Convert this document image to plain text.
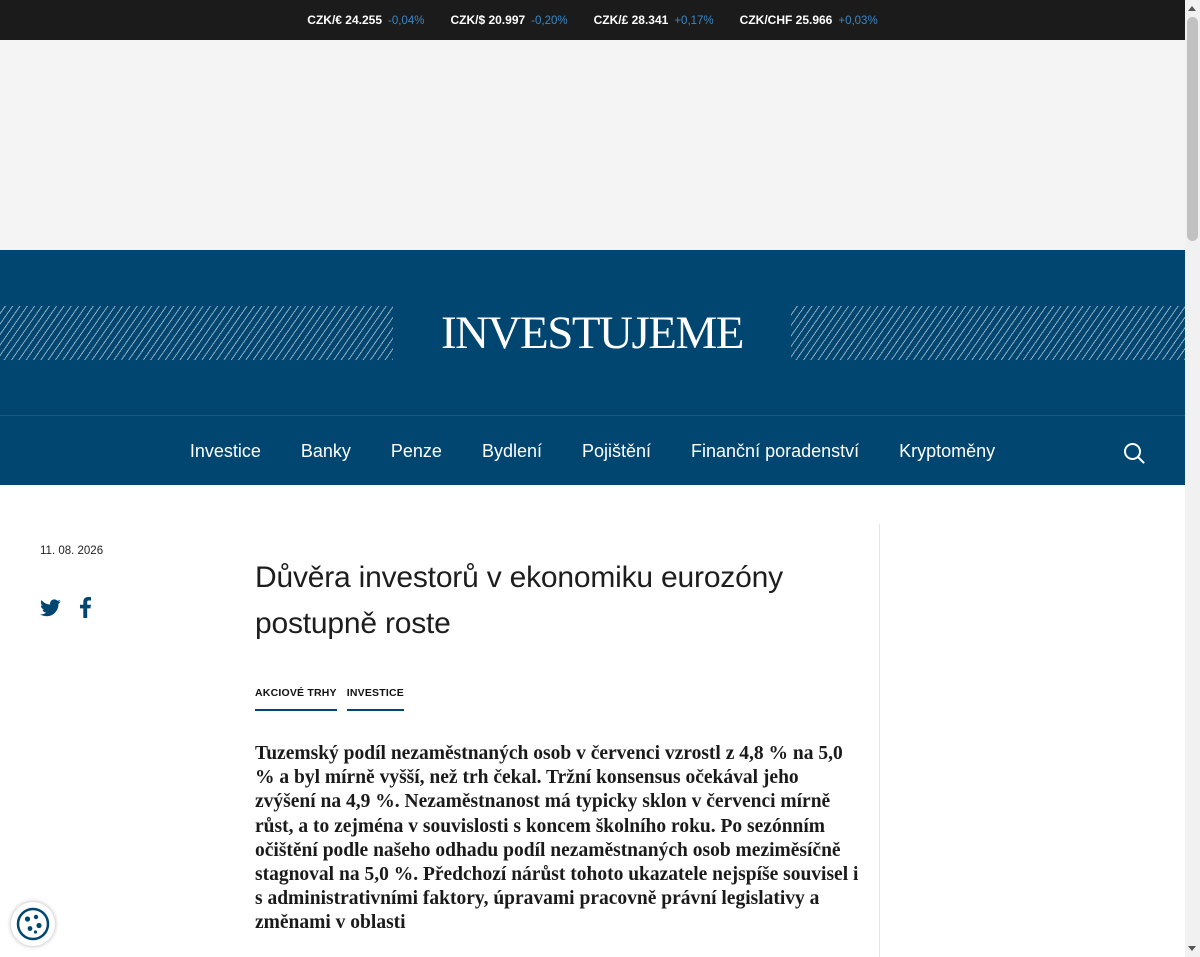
CZK/€ 24.255 -0,04% CZK/$ 20.997 -0,20% CZK/£ 28.341 +0,17% CZK/CHF 25.966 +0,03%
INVESTUJEME
Investice Banky Penze Bydlení Pojištění Finanční poradenství Kryptoměny
11. 08. 2026
Důvěra investorů v ekonomiku eurozóny postupně roste
AKCIOVÉ TRHY INVESTICE

Tuzemský podíl nezaměstnaných osob v červenci vzrostl z 4,8 % na 5,0 % a byl mírně vyšší, než trh čekal. Tržní konsensus očekával jeho zvýšení na 4,9 %. Nezaměstnanost má typicky sklon v červenci mírně růst, a to zejména v souvislosti s koncem školního roku. Po sezónním očištění podle našeho odhadu podíl nezaměstnaných osob meziměsíčně stagnoval na 5,0 %. Předchozí nárůst tohoto ukazatele nejspíše souvisel i s administrativními faktory, úpravami pracovně právní legislativy a změnami v oblasti
